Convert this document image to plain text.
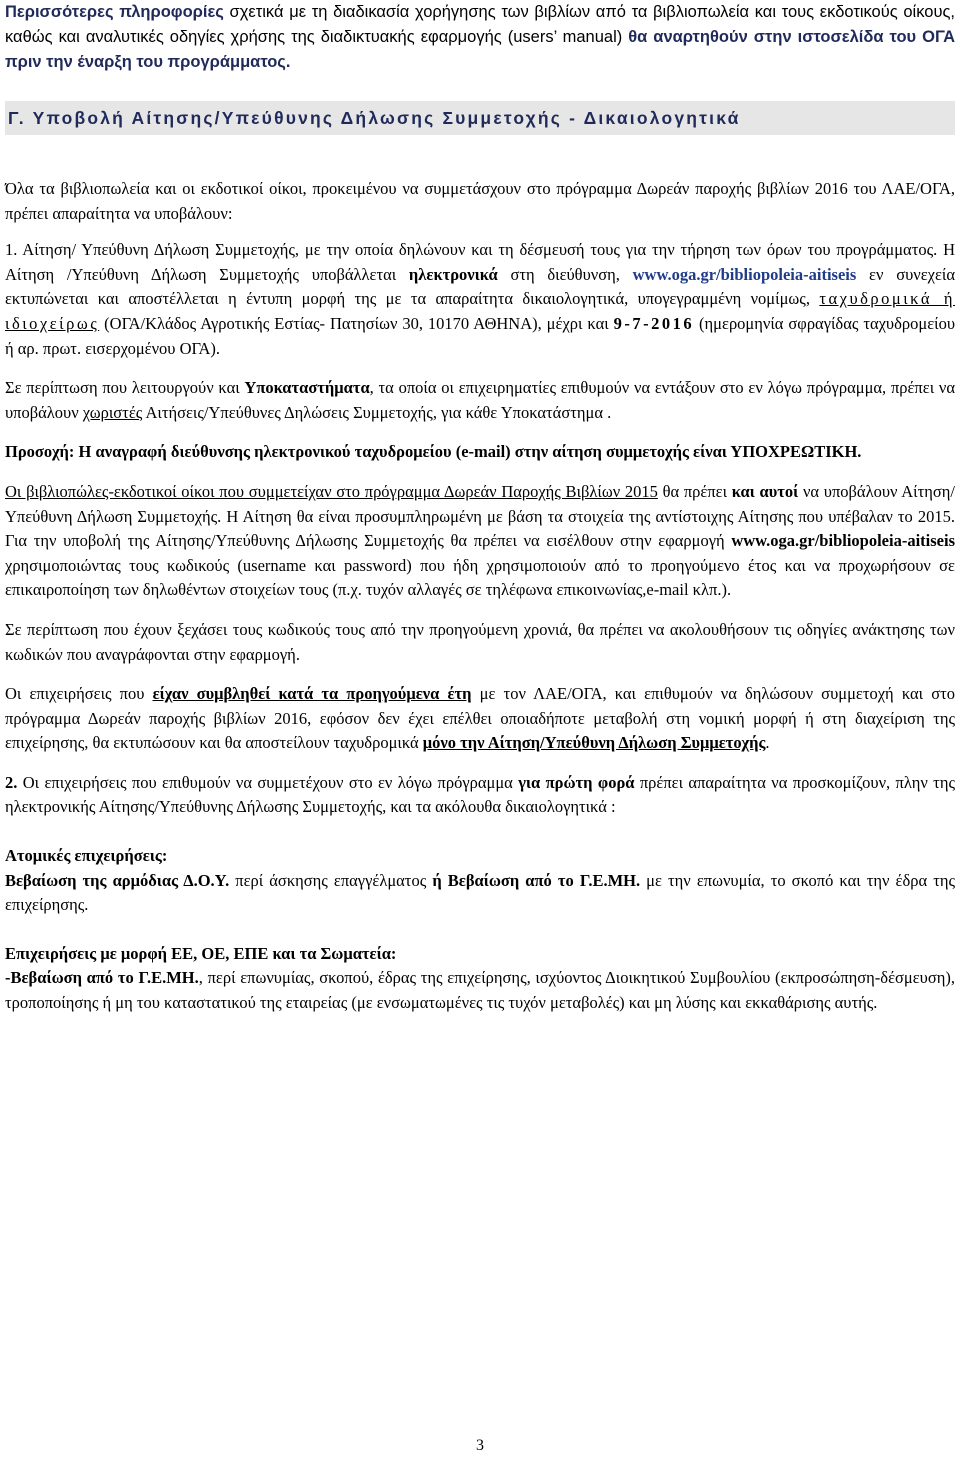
Περισσότερες πληροφορίες σχετικά με τη διαδικασία χορήγησης των βιβλίων από τα βιβλιοπωλεία και τους εκδοτικούς οίκους, καθώς και αναλυτικές οδηγίες χρήσης της διαδικτυακής εφαρμογής (users’ manual) θα αναρτηθούν στην ιστοσελίδα του ΟΓΑ πριν την έναρξη του προγράμματος.

Γ. Υποβολή Αίτησης/Υπεύθυνης Δήλωσης Συμμετοχής - Δικαιολογητικά

Όλα τα βιβλιοπωλεία και οι εκδοτικοί οίκοι, προκειμένου να συμμετάσχουν στο πρόγραμμα Δωρεάν παροχής βιβλίων 2016 του ΛΑΕ/ΟΓΑ, πρέπει απαραίτητα να υποβάλουν:

1. Αίτηση/ Υπεύθυνη Δήλωση Συμμετοχής, με την οποία δηλώνουν και τη δέσμευσή τους για την τήρηση των όρων του προγράμματος. Η Αίτηση /Υπεύθυνη Δήλωση Συμμετοχής υποβάλλεται ηλεκτρονικά στη διεύθυνση, www.oga.gr/bibliopoleia-aitiseis εν συνεχεία εκτυπώνεται και αποστέλλεται η έντυπη μορφή της με τα απαραίτητα δικαιολογητικά, υπογεγραμμένη νομίμως, ταχυδρομικά ή ιδιοχείρως (ΟΓΑ/Κλάδος Αγροτικής Εστίας- Πατησίων 30, 10170 ΑΘΗΝΑ), μέχρι και 9-7-2016 (ημερομηνία σφραγίδας ταχυδρομείου ή αρ. πρωτ. εισερχομένου ΟΓΑ).

Σε περίπτωση που λειτουργούν και Υποκαταστήματα, τα οποία οι επιχειρηματίες επιθυμούν να εντάξουν στο εν λόγω πρόγραμμα, πρέπει να υποβάλουν χωριστές Αιτήσεις/Υπεύθυνες Δηλώσεις Συμμετοχής, για κάθε Υποκατάστημα .

Προσοχή: Η αναγραφή διεύθυνσης ηλεκτρονικού ταχυδρομείου (e-mail) στην αίτηση συμμετοχής είναι ΥΠΟΧΡΕΩΤΙΚΗ.

Οι βιβλιοπώλες-εκδοτικοί οίκοι που συμμετείχαν στο πρόγραμμα Δωρεάν Παροχής Βιβλίων 2015 θα πρέπει και αυτοί να υποβάλουν Αίτηση/Υπεύθυνη Δήλωση Συμμετοχής. Η Αίτηση θα είναι προσυμπληρωμένη με βάση τα στοιχεία της αντίστοιχης Αίτησης που υπέβαλαν το 2015. Για την υποβολή της Αίτησης/Υπεύθυνης Δήλωσης Συμμετοχής θα πρέπει να εισέλθουν στην εφαρμογή www.oga.gr/bibliopoleia-aitiseis χρησιμοποιώντας τους κωδικούς (username και password) που ήδη χρησιμοποιούν από το προηγούμενο έτος και να προχωρήσουν σε επικαιροποίηση των δηλωθέντων στοιχείων τους (π.χ. τυχόν αλλαγές σε τηλέφωνα επικοινωνίας,e-mail κλπ.).

Σε περίπτωση που έχουν ξεχάσει τους κωδικούς τους από την προηγούμενη χρονιά, θα πρέπει να ακολουθήσουν τις οδηγίες ανάκτησης των κωδικών που αναγράφονται στην εφαρμογή.

Οι επιχειρήσεις που είχαν συμβληθεί κατά τα προηγούμενα έτη με τον ΛΑΕ/ΟΓΑ, και επιθυμούν να δηλώσουν συμμετοχή και στο πρόγραμμα Δωρεάν παροχής βιβλίων 2016, εφόσον δεν έχει επέλθει οποιαδήποτε μεταβολή στη νομική μορφή ή στη διαχείριση της επιχείρησης, θα εκτυπώσουν και θα αποστείλουν ταχυδρομικά μόνο την Αίτηση/Υπεύθυνη Δήλωση Συμμετοχής.

2. Οι επιχειρήσεις που επιθυμούν να συμμετέχουν στο εν λόγω πρόγραμμα για πρώτη φορά πρέπει απαραίτητα να προσκομίζουν, πλην της ηλεκτρονικής Αίτησης/Υπεύθυνης Δήλωσης Συμμετοχής, και τα ακόλουθα δικαιολογητικά :

Ατομικές επιχειρήσεις:

Βεβαίωση της αρμόδιας Δ.Ο.Υ. περί άσκησης επαγγέλματος ή Βεβαίωση από το Γ.Ε.ΜΗ. με την επωνυμία, το σκοπό και την έδρα της επιχείρησης.

Επιχειρήσεις με μορφή ΕΕ, ΟΕ, ΕΠΕ και τα Σωματεία:

-Βεβαίωση από το Γ.Ε.ΜΗ., περί επωνυμίας, σκοπού, έδρας της επιχείρησης, ισχύοντος Διοικητικού Συμβουλίου (εκπροσώπηση-δέσμευση), τροποποίησης ή μη του καταστατικού της εταιρείας (με ενσωματωμένες τις τυχόν μεταβολές) και μη λύσης και εκκαθάρισης αυτής.

3
